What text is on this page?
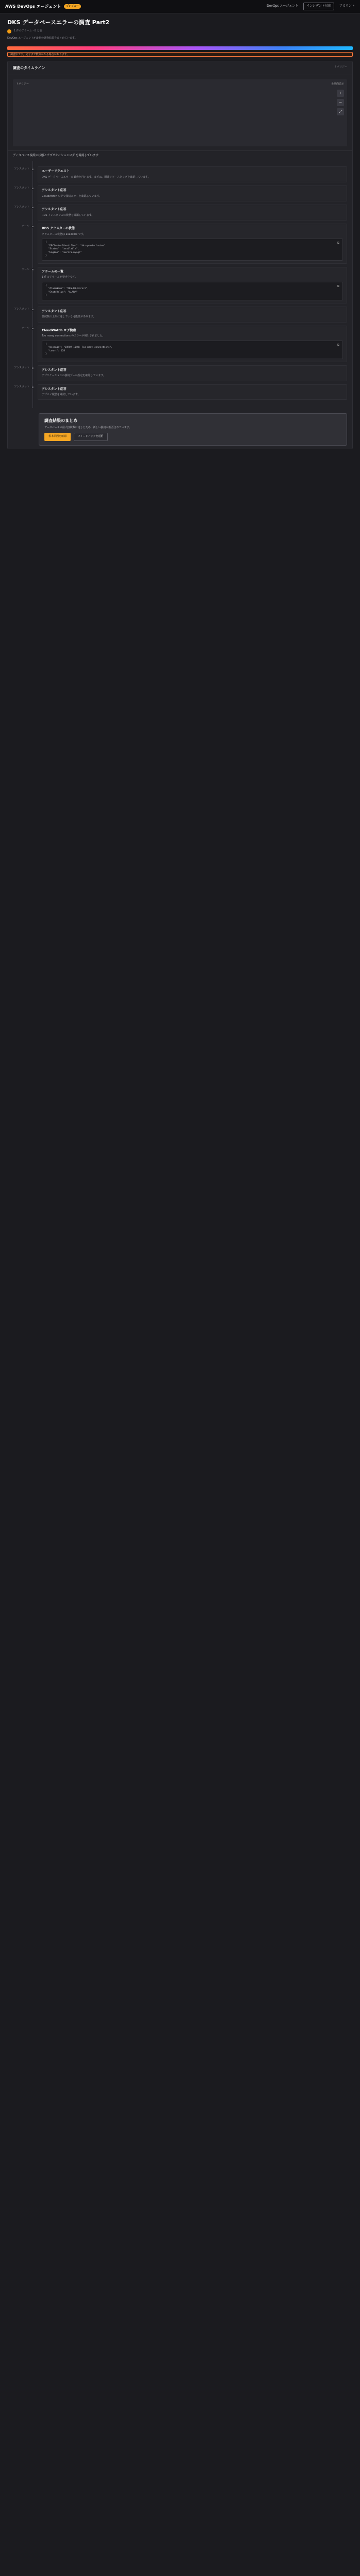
AWS DevOps エージェント	プレビュー	DevOps エージェント	インシデント対応	アカウント
DKS データベースエラーの調査 Part2
1 件のアラーム・8 分前
DevOps エージェントが最新の調査結果をまとめています。
調査中です。完了まで数分かかる場合があります。
調査のタイムライン	トポロジー
トポロジー	全画面表示
+
−
⤢
データベース接続の状態とアプリケーションログ を確認しています
アシスタント
ユーザーリクエスト
DKS データベースエラーの調査を行います。まずは、関連リソースとログを確認しています。
アシスタント
アシスタント応答
CloudWatch ログで接続エラーを確認しています。
アシスタント
アシスタント応答
RDS インスタンスの状態を確認しています。
ツール
RDS クラスターの状態
クラスターの状態は available です。
⧉
{
"DBClusterIdentifier": "dks-prod-cluster",
"Status": "available",
"Engine": "aurora-mysql"
}
ツール
アラームの一覧
1 件のアラームが発火中です。
⧉
{
"AlarmName": "DKS-DB-Errors",
"StateValue": "ALARM"
}
アシスタント
アシスタント応答
接続数の上限に達している可能性があります。
ツール
CloudWatch ログ検索
Too many connections のエラーが検出されました。
⧉
{
"message": "ERROR 1040: Too many connections",
"count": 128
}
アシスタント
アシスタント応答
アプリケーションの接続プール設定を確認しています。
アシスタント
アシスタント応答
デプロイ履歴を確認しています。
調査結果のまとめ
データベースの最大接続数に達したため、新しい接続が拒否されています。
根本原因を確認	フィードバックを送信
